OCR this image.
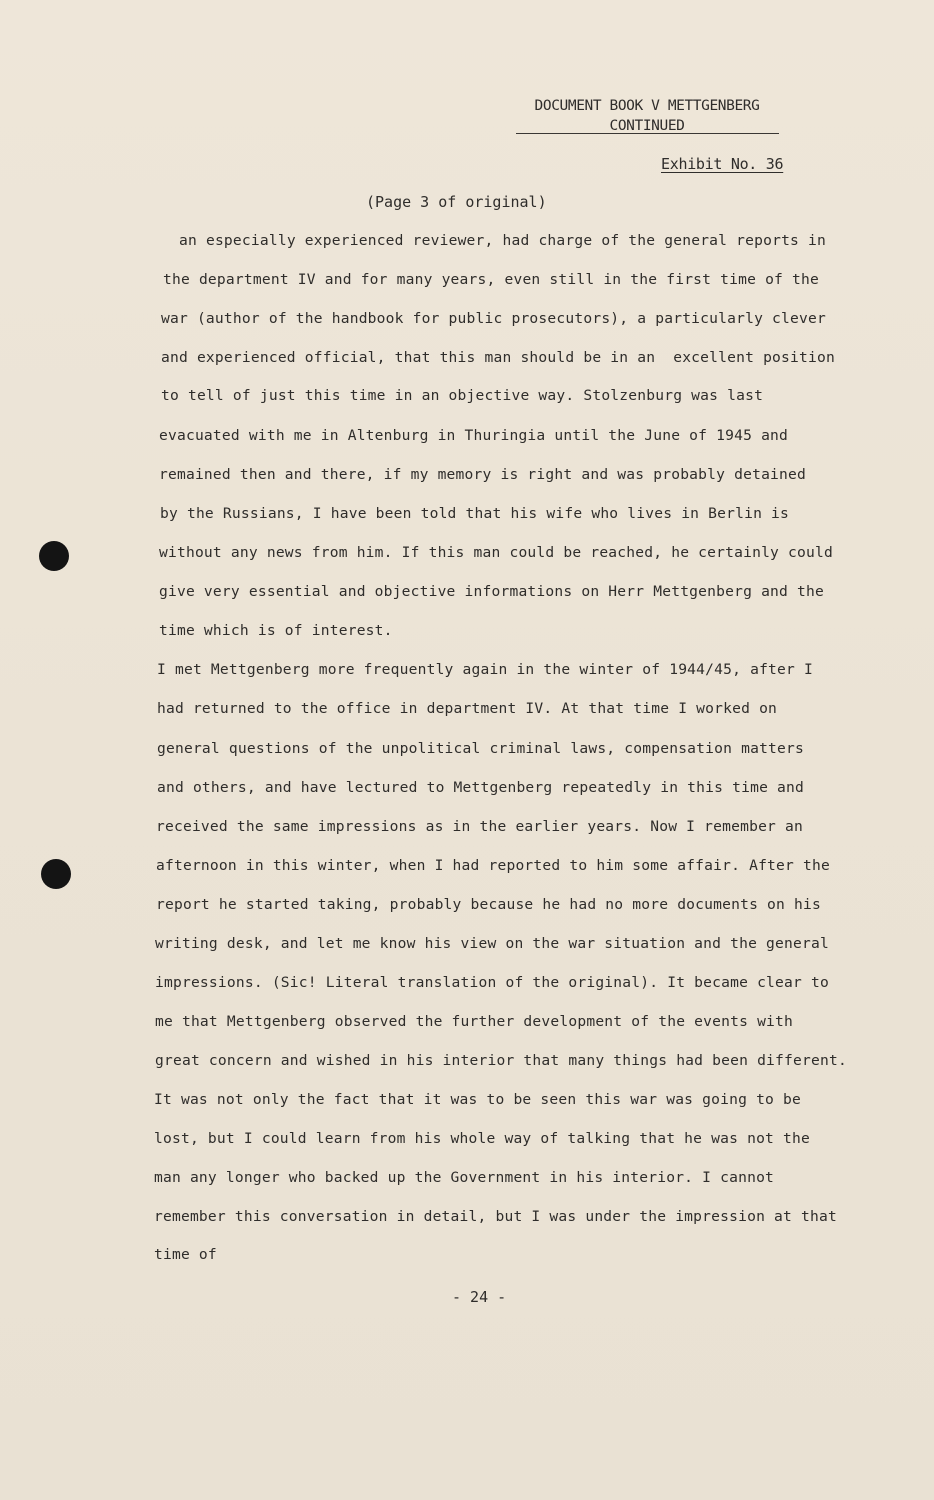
DOCUMENT BOOK V METTGENBERG
CONTINUED
Exhibit No. 36
(Page 3 of original)
an especially experienced reviewer, had charge of the general reports in
the department IV and for many years, even still in the first time of the
war (author of the handbook for public prosecutors), a particularly clever
and experienced official, that this man should be in an  excellent position
to tell of just this time in an objective way. Stolzenburg was last
evacuated with me in Altenburg in Thuringia until the June of 1945 and
remained then and there, if my memory is right and was probably detained
by the Russians, I have been told that his wife who lives in Berlin is
without any news from him. If this man could be reached, he certainly could
give very essential and objective informations on Herr Mettgenberg and the
time which is of interest.
I met Mettgenberg more frequently again in the winter of 1944/45, after I
had returned to the office in department IV. At that time I worked on
general questions of the unpolitical criminal laws, compensation matters
and others, and have lectured to Mettgenberg repeatedly in this time and
received the same impressions as in the earlier years. Now I remember an
afternoon in this winter, when I had reported to him some affair. After the
report he started taking, probably because he had no more documents on his
writing desk, and let me know his view on the war situation and the general
impressions. (Sic! Literal translation of the original). It became clear to
me that Mettgenberg observed the further development of the events with
great concern and wished in his interior that many things had been different.
It was not only the fact that it was to be seen this war was going to be
lost, but I could learn from his whole way of talking that he was not the
man any longer who backed up the Government in his interior. I cannot
remember this conversation in detail, but I was under the impression at that
time of
- 24 -
